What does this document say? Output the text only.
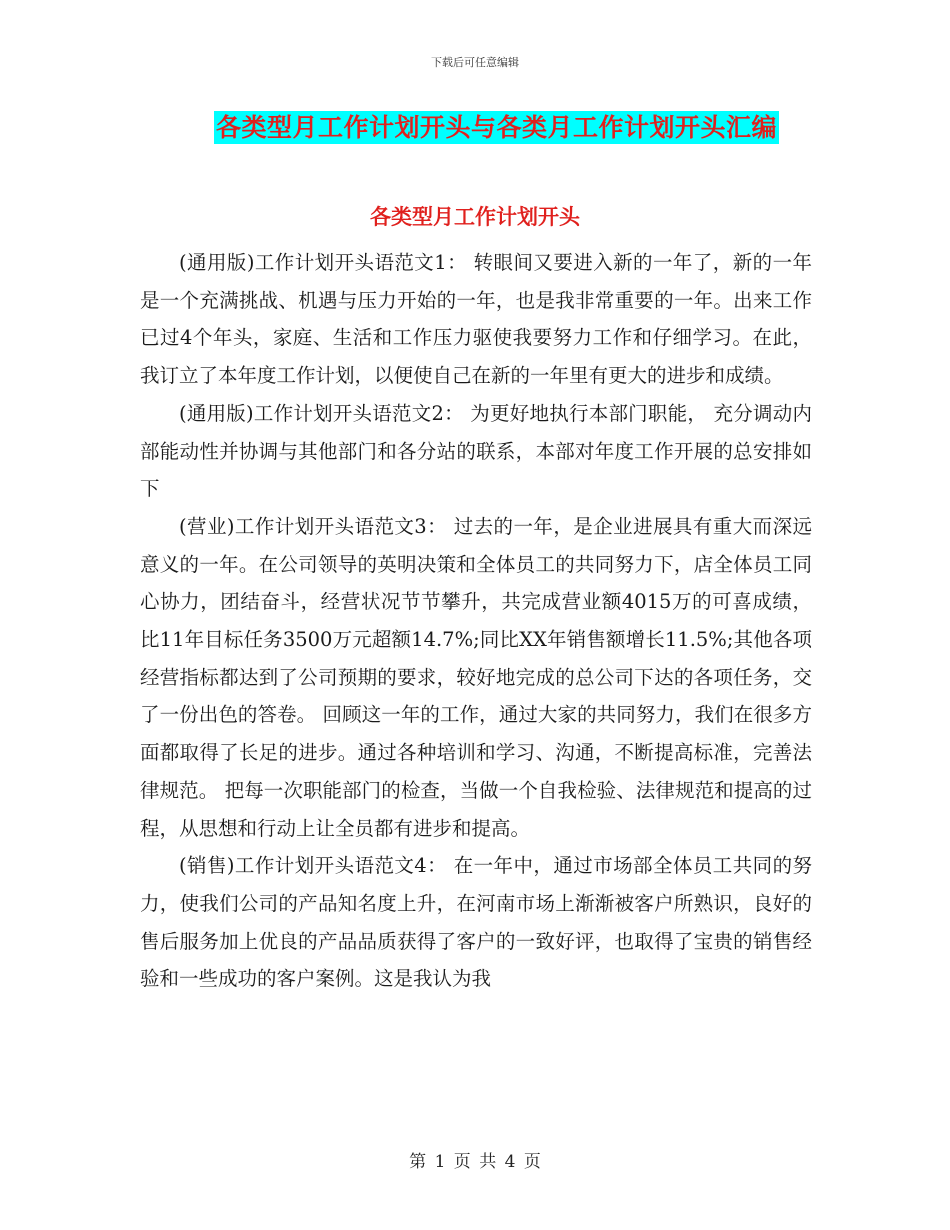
下载后可任意编辑
各类型月工作计划开头与各类月工作计划开头汇编
各类型月工作计划开头

(通用版)工作计划开头语范文1： 转眼间又要进入新的一年了，新的一年是一个充满挑战、机遇与压力开始的一年，也是我非常重要的一年。出来工作已过4个年头，家庭、生活和工作压力驱使我要努力工作和仔细学习。在此，我订立了本年度工作计划，以便使自己在新的一年里有更大的进步和成绩。

(通用版)工作计划开头语范文2： 为更好地执行本部门职能， 充分调动内部能动性并协调与其他部门和各分站的联系，本部对年度工作开展的总安排如下

(营业)工作计划开头语范文3： 过去的一年，是企业进展具有重大而深远意义的一年。在公司领导的英明决策和全体员工的共同努力下，店全体员工同心协力，团结奋斗，经营状况节节攀升，共完成营业额4015万的可喜成绩，比11年目标任务3500万元超额14.7%;同比XX年销售额增长11.5%;其他各项经营指标都达到了公司预期的要求，较好地完成的总公司下达的各项任务，交了一份出色的答卷。 回顾这一年的工作，通过大家的共同努力，我们在很多方面都取得了长足的进步。通过各种培训和学习、沟通，不断提高标准，完善法律规范。 把每一次职能部门的检查，当做一个自我检验、法律规范和提高的过程，从思想和行动上让全员都有进步和提高。

(销售)工作计划开头语范文4： 在一年中，通过市场部全体员工共同的努力，使我们公司的产品知名度上升，在河南市场上渐渐被客户所熟识，良好的售后服务加上优良的产品品质获得了客户的一致好评，也取得了宝贵的销售经验和一些成功的客户案例。这是我认为我

第 1 页 共 4 页
